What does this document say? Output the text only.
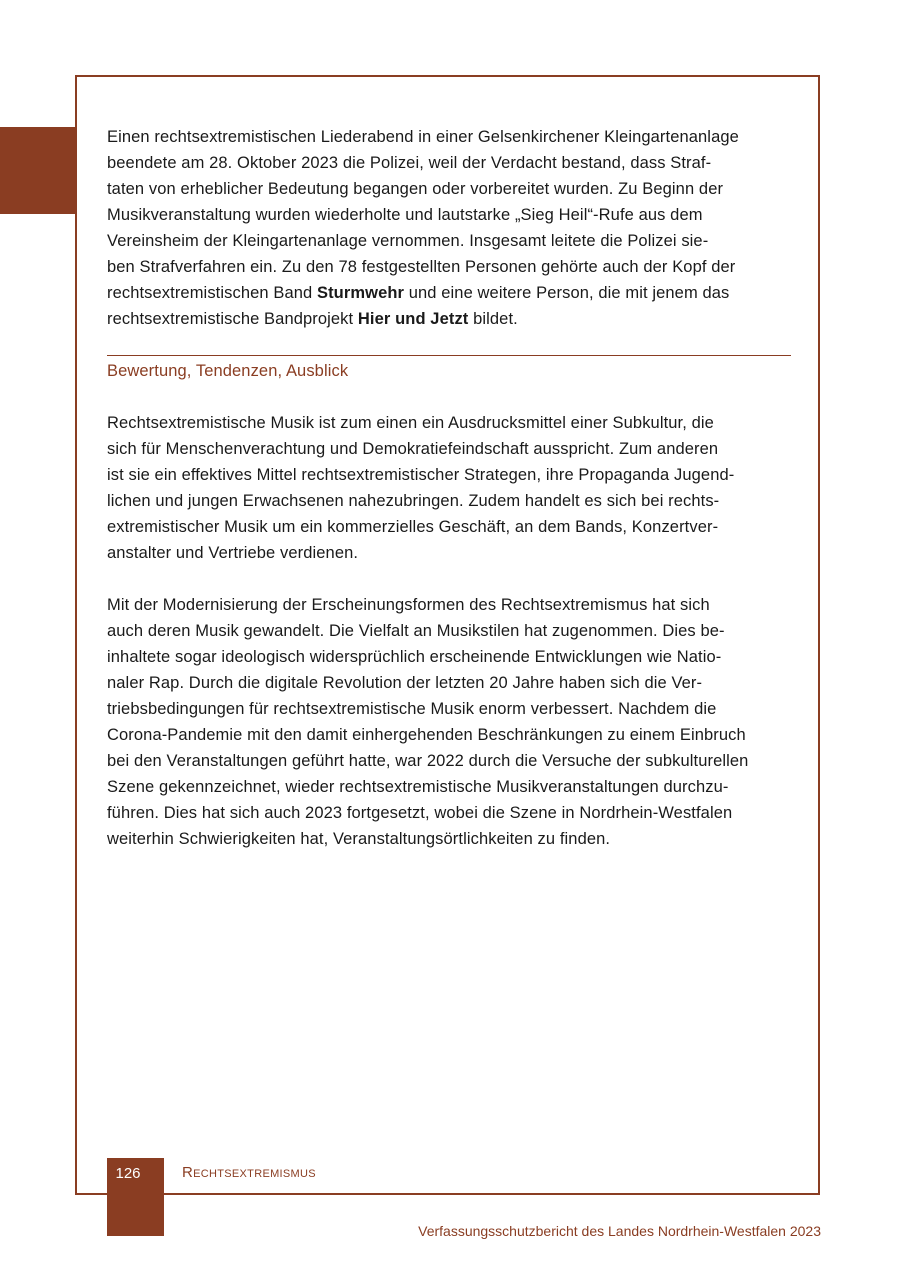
Einen rechtsextremistischen Liederabend in einer Gelsenkirchener Kleingartenanlage
beendete am 28. Oktober 2023 die Polizei, weil der Verdacht bestand, dass Straf-
taten von erheblicher Bedeutung begangen oder vorbereitet wurden. Zu Beginn der
Musikveranstaltung wurden wiederholte und lautstarke „Sieg Heil“-Rufe aus dem
Vereinsheim der Kleingartenanlage vernommen. Insgesamt leitete die Polizei sie-
ben Strafverfahren ein. Zu den 78 festgestellten Personen gehörte auch der Kopf der
rechtsextremistischen Band Sturmwehr und eine weitere Person, die mit jenem das
rechtsextremistische Bandprojekt Hier und Jetzt bildet.

Bewertung, Tendenzen, Ausblick

Rechtsextremistische Musik ist zum einen ein Ausdrucksmittel einer Subkultur, die
sich für Menschenverachtung und Demokratiefeindschaft ausspricht. Zum anderen
ist sie ein effektives Mittel rechtsextremistischer Strategen, ihre Propaganda Jugend-
lichen und jungen Erwachsenen nahezubringen. Zudem handelt es sich bei rechts-
extremistischer Musik um ein kommerzielles Geschäft, an dem Bands, Konzertver-
anstalter und Vertriebe verdienen.

Mit der Modernisierung der Erscheinungsformen des Rechtsextremismus hat sich
auch deren Musik gewandelt. Die Vielfalt an Musikstilen hat zugenommen. Dies be-
inhaltete sogar ideologisch widersprüchlich erscheinende Entwicklungen wie Natio-
naler Rap. Durch die digitale Revolution der letzten 20 Jahre haben sich die Ver-
triebsbedingungen für rechtsextremistische Musik enorm verbessert. Nachdem die
Corona-Pandemie mit den damit einhergehenden Beschränkungen zu einem Einbruch
bei den Veranstaltungen geführt hatte, war 2022 durch die Versuche der subkulturellen
Szene gekennzeichnet, wieder rechtsextremistische Musikveranstaltungen durchzu-
führen. Dies hat sich auch 2023 fortgesetzt, wobei die Szene in Nordrhein-Westfalen
weiterhin Schwierigkeiten hat, Veranstaltungsörtlichkeiten zu finden.

126	Rechtsextremismus
Verfassungsschutzbericht des Landes Nordrhein-Westfalen 2023
